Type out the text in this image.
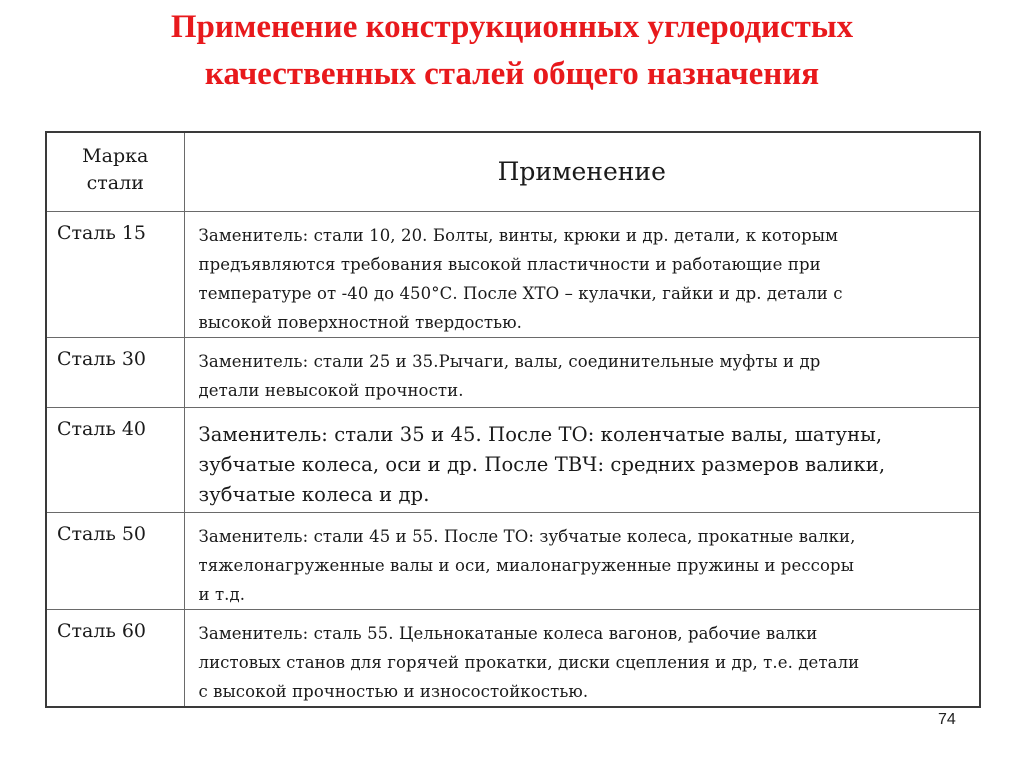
Применение конструкционных углеродистых
качественных сталей общего назначения
Марка
стали	Применение
Сталь 15	Заменитель: стали 10, 20. Болты, винты, крюки и др. детали, к которым
предъявляются требования высокой пластичности и работающие при
температуре от -40 до 450°С. После ХТО – кулачки, гайки и др. детали с
высокой поверхностной твердостью.

Сталь 30	Заменитель: стали 25 и 35.Рычаги, валы, соединительные муфты и др
детали невысокой прочности.

Сталь 40	Заменитель: стали 35 и 45. После ТО: коленчатые валы, шатуны,
зубчатые колеса, оси и др. После ТВЧ: средних размеров валики,
зубчатые колеса и др.

Сталь 50	Заменитель: стали 45 и 55. После ТО: зубчатые колеса, прокатные валки,
тяжелонагруженные валы и оси, миалонагруженные пружины и рессоры
и т.д.

Сталь 60	Заменитель: сталь 55. Цельнокатаные колеса вагонов, рабочие валки
листовых станов для горячей прокатки, диски сцепления и др, т.е. детали
с высокой прочностью и износостойкостью.
74
